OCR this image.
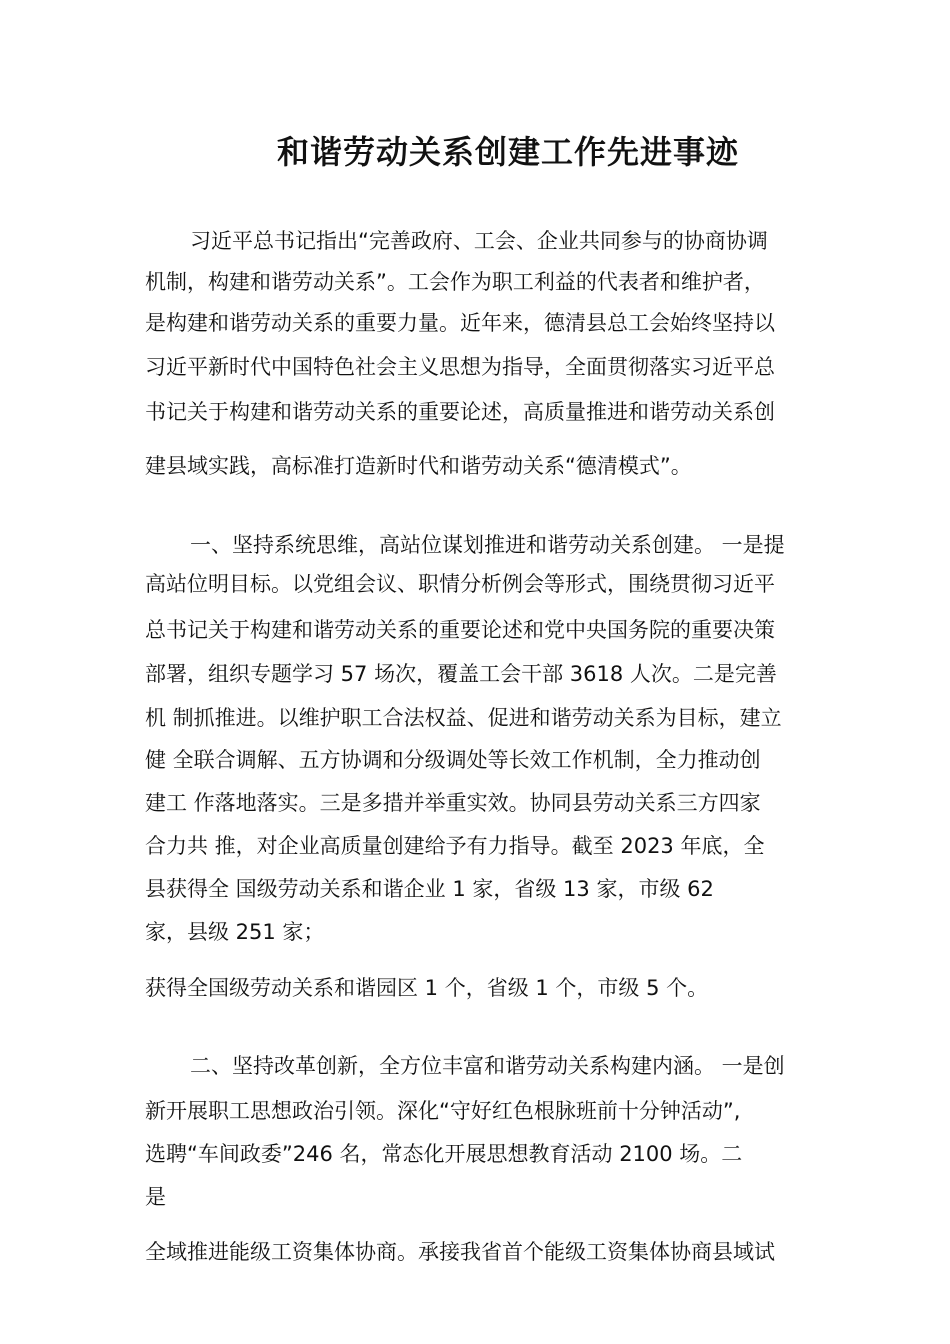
和谐劳动关系创建工作先进事迹

习近平总书记指出“完善政府、工会、企业共同参与的协商协调

机制，构建和谐劳动关系”。工会作为职工利益的代表者和维护者，

是构建和谐劳动关系的重要力量。近年来，德清县总工会始终坚持以

习近平新时代中国特色社会主义思想为指导，全面贯彻落实习近平总

书记关于构建和谐劳动关系的重要论述，高质量推进和谐劳动关系创

建县域实践，高标准打造新时代和谐劳动关系“德清模式”。

一、坚持系统思维，高站位谋划推进和谐劳动关系创建。 一是提

高站位明目标。以党组会议、职情分析例会等形式，围绕贯彻习近平

总书记关于构建和谐劳动关系的重要论述和党中央国务院的重要决策

部署，组织专题学习 57 场次，覆盖工会干部 3618 人次。二是完善

机 制抓推进。以维护职工合法权益、促进和谐劳动关系为目标，建立

健 全联合调解、五方协调和分级调处等长效工作机制，全力推动创

建工 作落地落实。三是多措并举重实效。协同县劳动关系三方四家

合力共 推，对企业高质量创建给予有力指导。截至 2023 年底，全

县获得全 国级劳动关系和谐企业 1 家，省级 13 家，市级 62

家，县级 251 家；

获得全国级劳动关系和谐园区 1 个，省级 1 个，市级 5 个。

二、坚持改革创新，全方位丰富和谐劳动关系构建内涵。 一是创

新开展职工思想政治引领。深化“守好红色根脉班前十分钟活动”,

选聘“车间政委”246 名，常态化开展思想教育活动 2100 场。二

是

全域推进能级工资集体协商。承接我省首个能级工资集体协商县域试
